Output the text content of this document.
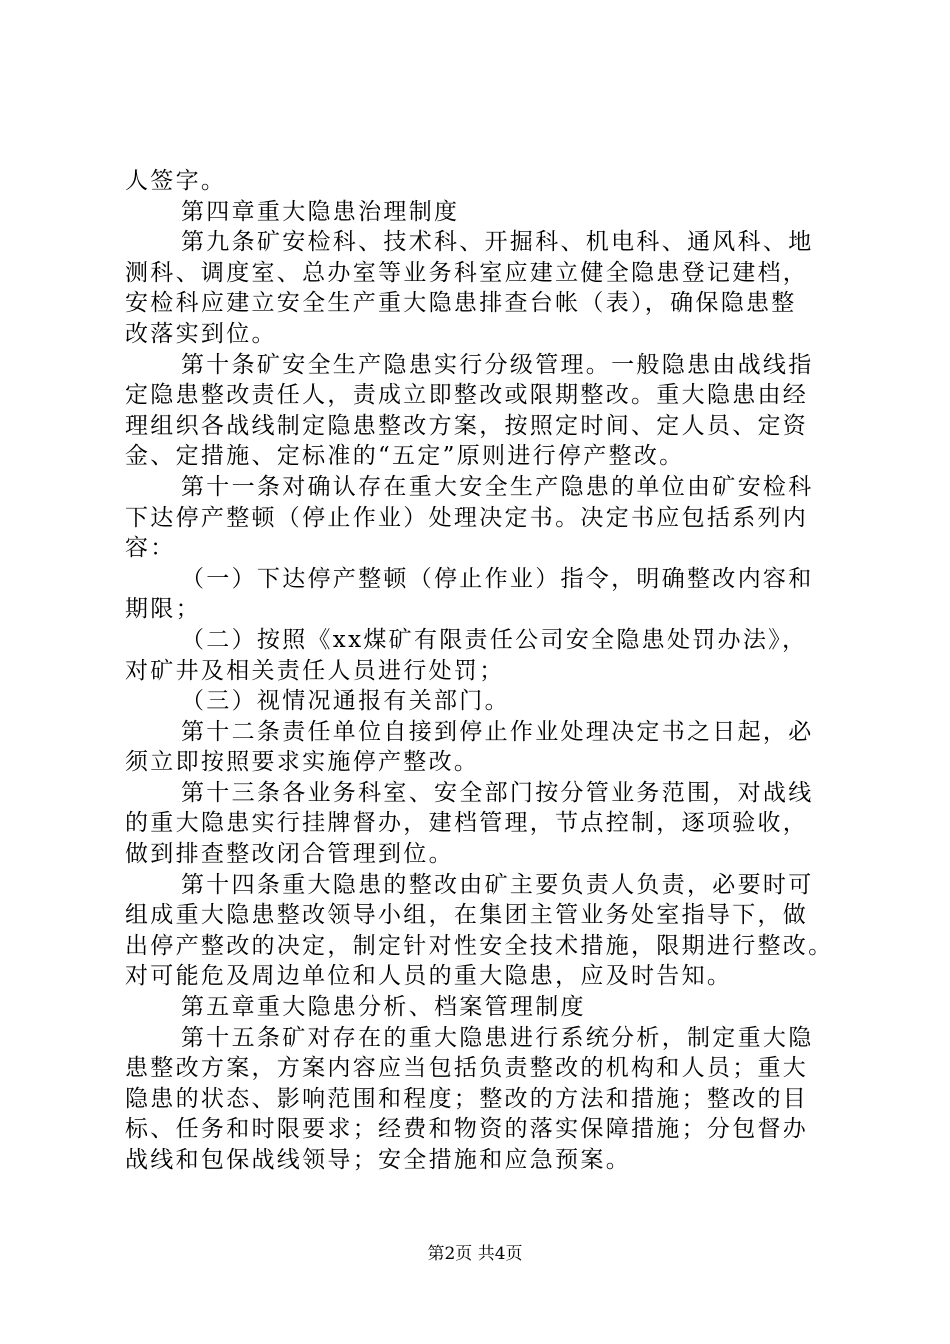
人签字。
第四章重大隐患治理制度
第九条矿安检科、技术科、开掘科、机电科、通风科、地
测科、调度室、总办室等业务科室应建立健全隐患登记建档，
安检科应建立安全生产重大隐患排查台帐（表），确保隐患整
改落实到位。
第十条矿安全生产隐患实行分级管理。一般隐患由战线指
定隐患整改责任人，责成立即整改或限期整改。重大隐患由经
理组织各战线制定隐患整改方案，按照定时间、定人员、定资
金、定措施、定标准的“五定”原则进行停产整改。
第十一条对确认存在重大安全生产隐患的单位由矿安检科
下达停产整顿（停止作业）处理决定书。决定书应包括系列内
容：
（一）下达停产整顿（停止作业）指令，明确整改内容和
期限；
（二）按照《xx煤矿有限责任公司安全隐患处罚办法》，
对矿井及相关责任人员进行处罚；
（三）视情况通报有关部门。
第十二条责任单位自接到停止作业处理决定书之日起，必
须立即按照要求实施停产整改。
第十三条各业务科室、安全部门按分管业务范围，对战线
的重大隐患实行挂牌督办，建档管理，节点控制，逐项验收，
做到排查整改闭合管理到位。
第十四条重大隐患的整改由矿主要负责人负责，必要时可
组成重大隐患整改领导小组，在集团主管业务处室指导下，做
出停产整改的决定，制定针对性安全技术措施，限期进行整改。
对可能危及周边单位和人员的重大隐患，应及时告知。
第五章重大隐患分析、档案管理制度
第十五条矿对存在的重大隐患进行系统分析，制定重大隐
患整改方案，方案内容应当包括负责整改的机构和人员；重大
隐患的状态、影响范围和程度；整改的方法和措施；整改的目
标、任务和时限要求；经费和物资的落实保障措施；分包督办
战线和包保战线领导；安全措施和应急预案。
第2页 共4页
